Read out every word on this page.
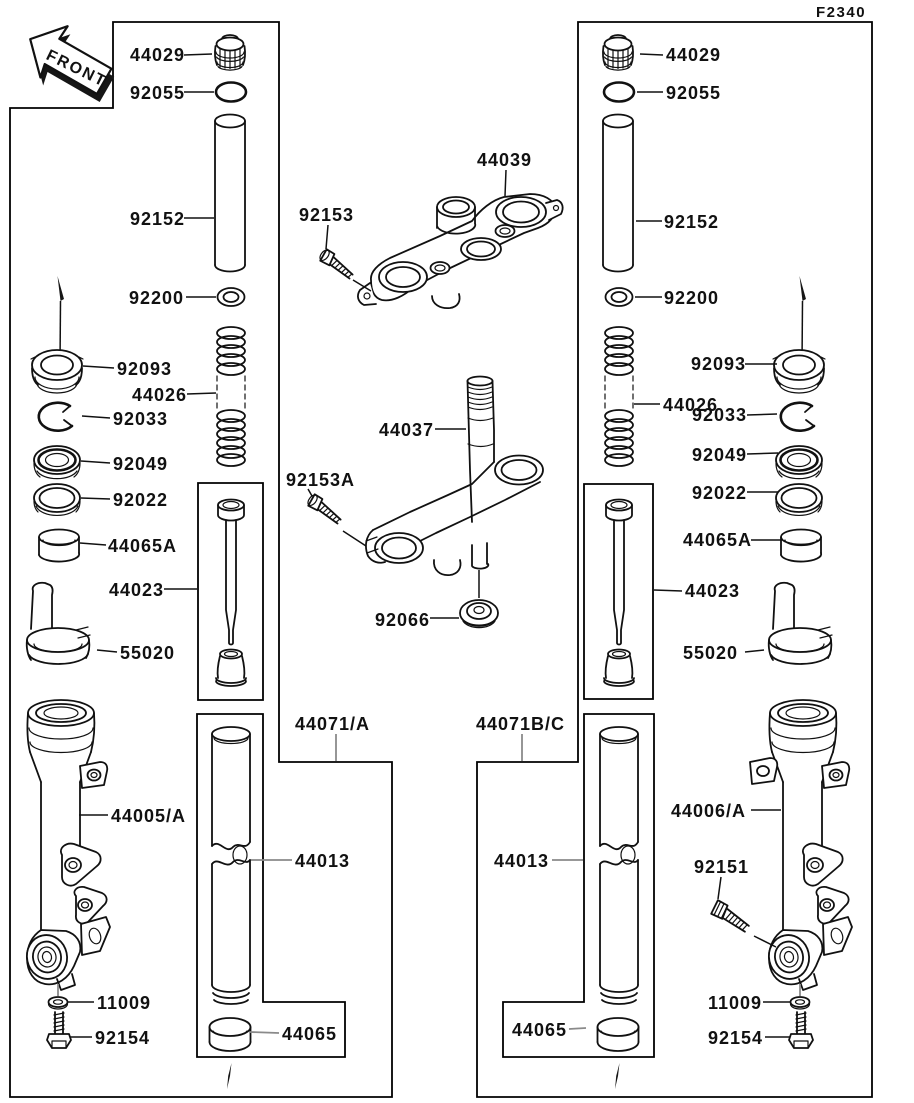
FRONT
F2340
44029
92055
92152
92200
92093
44026
92033
92049
92022
44065A
44023
55020
44005/A
11009
92154
44013
44065
44071/A
44039
92153
44037
92153A
92066
44029
92055
92152
92200
92093
44026
92033
92049
92022
44065A
44023
55020
44006/A
92151
11009
92154
44013
44065
44071B/C
